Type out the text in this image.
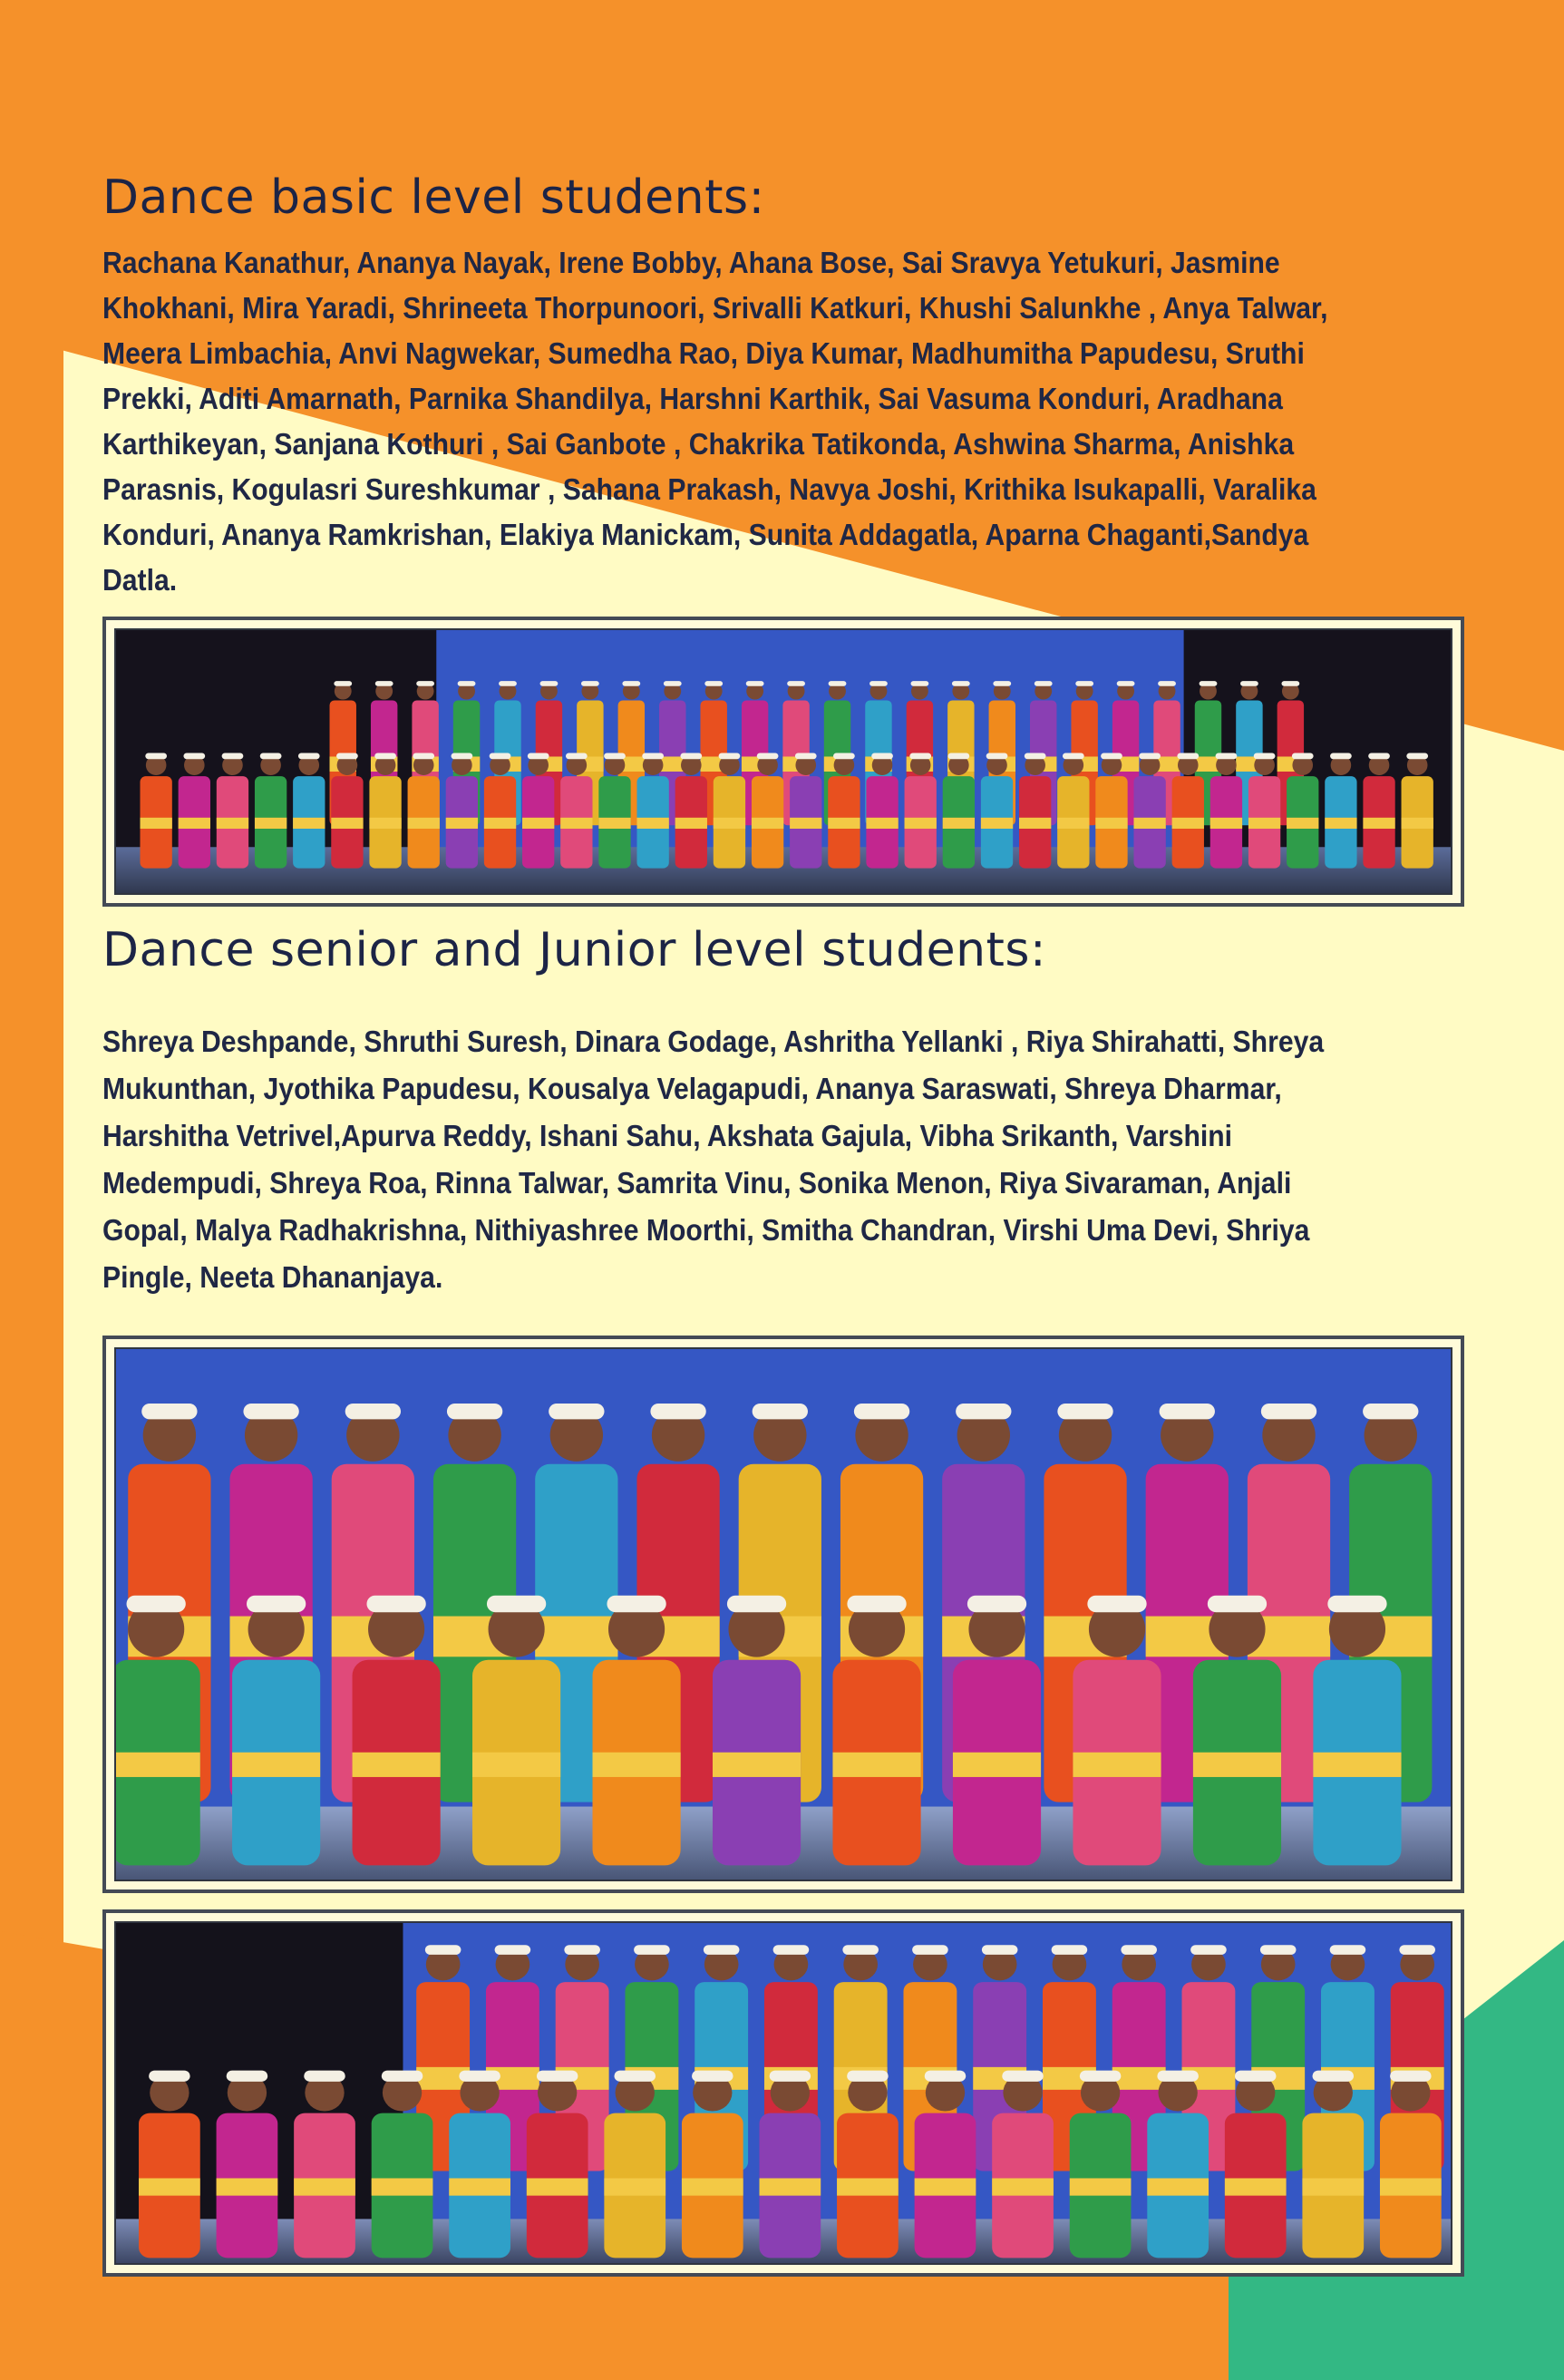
Dance basic level students:

Rachana Kanathur, Ananya Nayak, Irene Bobby, Ahana Bose, Sai Sravya Yetukuri, Jasmine Khokhani, Mira Yaradi, Shrineeta Thorpunoori, Srivalli Katkuri, Khushi Salunkhe , Anya Talwar, Meera Limbachia, Anvi Nagwekar, Sumedha Rao, Diya Kumar, Madhumitha Papudesu, Sruthi Prekki, Aditi Amarnath, Parnika Shandilya, Harshni Karthik, Sai Vasuma Konduri, Aradhana Karthikeyan, Sanjana Kothuri , Sai Ganbote , Chakrika Tatikonda, Ashwina Sharma, Anishka Parasnis, Kogulasri Sureshkumar , Sahana Prakash, Navya Joshi, Krithika Isukapalli, Varalika Konduri, Ananya Ramkrishan, Elakiya Manickam, Sunita Addagatla, Aparna Chaganti,Sandya Datla.

Dance senior and Junior level students:

Shreya Deshpande, Shruthi Suresh, Dinara Godage, Ashritha Yellanki , Riya Shirahatti, Shreya Mukunthan, Jyothika Papudesu, Kousalya Velagapudi, Ananya Saraswati, Shreya Dharmar, Harshitha Vetrivel,Apurva Reddy, Ishani Sahu, Akshata Gajula, Vibha Srikanth, Varshini Medempudi, Shreya Roa, Rinna Talwar, Samrita Vinu, Sonika Menon, Riya Sivaraman, Anjali Gopal, Malya Radhakrishna, Nithiyashree Moorthi, Smitha Chandran, Virshi Uma Devi, Shriya Pingle, Neeta Dhananjaya.
